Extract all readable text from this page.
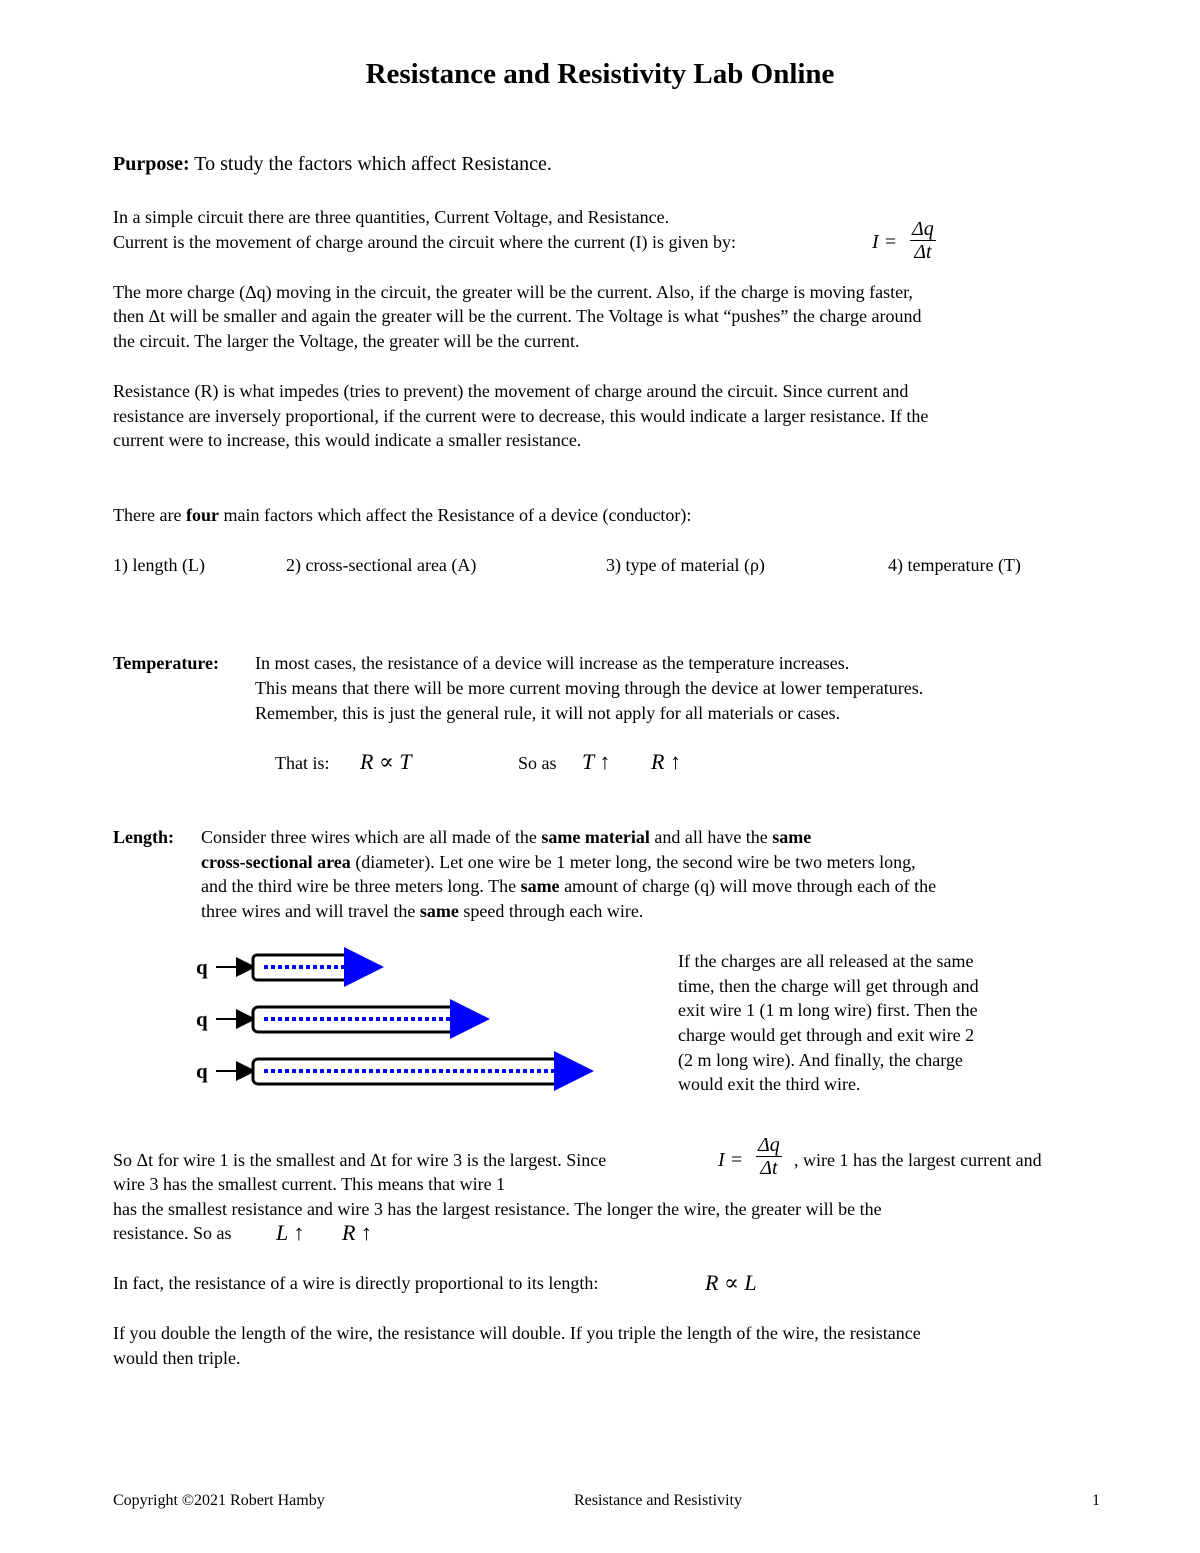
Resistance and Resistivity Lab Online
Purpose: To study the factors which affect Resistance.
In a simple circuit there are three quantities, Current Voltage, and Resistance.
Current is the movement of charge around the circuit where the current (I) is given by:	$I = \frac{\Delta q}{\Delta t}$
The more charge (Δq) moving in the circuit, the greater will be the current. Also, if the charge is moving faster,
then Δt will be smaller and again the greater will be the current. The Voltage is what “pushes” the charge around
the circuit. The larger the Voltage, the greater will be the current.
Resistance (R) is what impedes (tries to prevent) the movement of charge around the circuit. Since current and
resistance are inversely proportional, if the current were to decrease, this would indicate a larger resistance. If the
current were to increase, this would indicate a smaller resistance.
There are four main factors which affect the Resistance of a device (conductor):
1) length (L)	2) cross-sectional area (A)	3) type of material (ρ)	4) temperature (T)
Temperature: In most cases, the resistance of a device will increase as the temperature increases.
This means that there will be more current moving through the device at lower temperatures.
Remember, this is just the general rule, it will not apply for all materials or cases.
That is: R ∝ T	So as T ↑ R ↑
Length: Consider three wires which are all made of the same material and all have the same
cross-sectional area (diameter). Let one wire be 1 meter long, the second wire be two meters long,
and the third wire be three meters long. The same amount of charge (q) will move through each of the
three wires and will travel the same speed through each wire.
q
q
q
If the charges are all released at the same
time, then the charge will get through and
exit wire 1 (1 m long wire) first. Then the
charge would get through and exit wire 2
(2 m long wire). And finally, the charge
would exit the third wire.
So Δt for wire 1 is the smallest and Δt for wire 3 is the largest. Since	$I = \frac{\Delta q}{\Delta t}$ , wire 1 has the largest current and
wire 3 has the smallest current. This means that wire 1
has the smallest resistance and wire 3 has the largest resistance. The longer the wire, the greater will be the
resistance. So as L ↑ R ↑
In fact, the resistance of a wire is directly proportional to its length:	R ∝ L
If you double the length of the wire, the resistance will double. If you triple the length of the wire, the resistance
would then triple.
Copyright ©2021 Robert Hamby	Resistance and Resistivity	1
